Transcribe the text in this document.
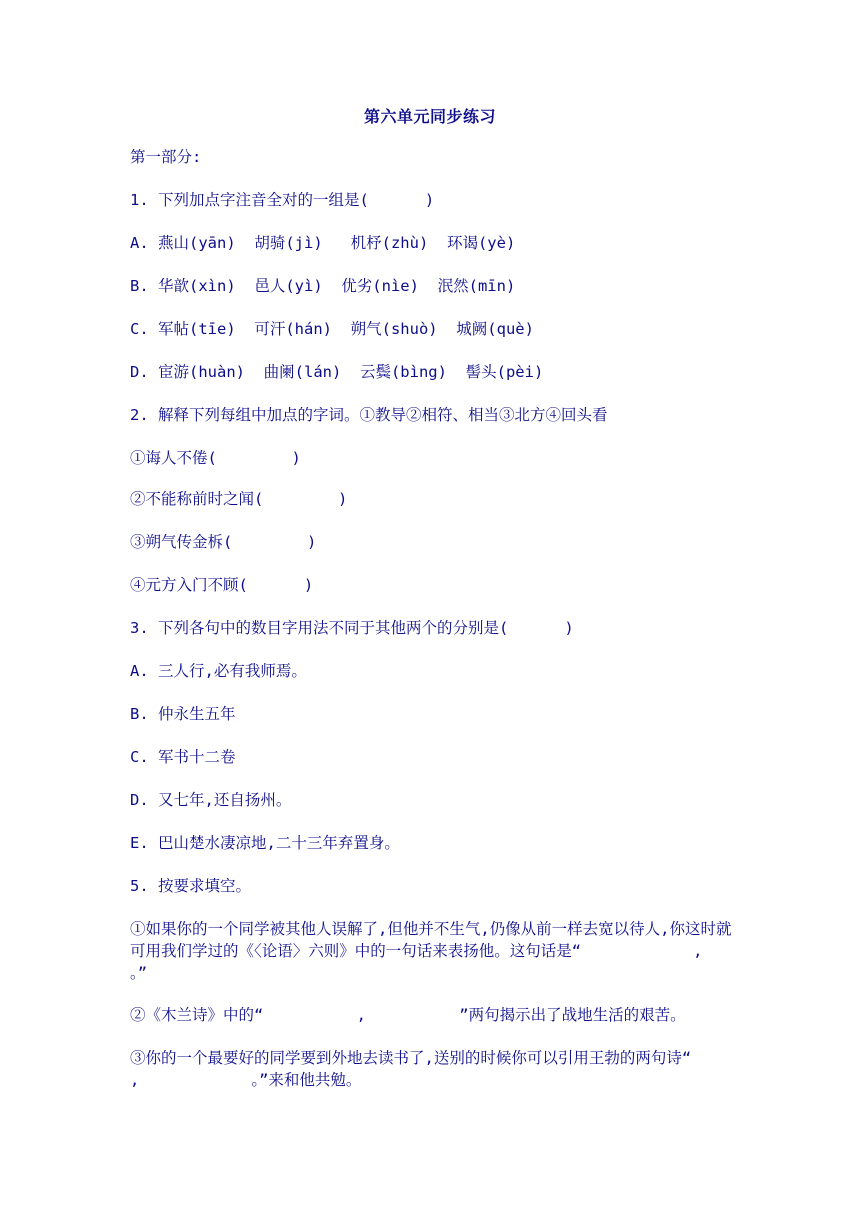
第六单元同步练习
第一部分:
1. 下列加点字注音全对的一组是(      )
A. 燕山(yān)  胡骑(jì)   机杼(zhù)  环谒(yè)
B. 华歆(xìn)  邑人(yì)  优劣(nìe)  泯然(mīn)
C. 军帖(tīe)  可汗(hán)  朔气(shuò)  城阙(què)
D. 宦游(huàn)  曲阑(lán)  云鬓(bìng)  髻头(pèi)
2. 解释下列每组中加点的字词。①教导②相符、相当③北方④回头看
①诲人不倦(        )
②不能称前时之闻(        )
③朔气传金柝(        )
④元方入门不顾(      )
3. 下列各句中的数目字用法不同于其他两个的分别是(      )
A. 三人行,必有我师焉。
B. 仲永生五年
C. 军书十二卷
D. 又七年,还自扬州。
E. 巴山楚水凄凉地,二十三年弃置身。
5. 按要求填空。
①如果你的一个同学被其他人误解了,但他并不生气,仍像从前一样去宽以待人,你这时就可用我们学过的《〈论语〉六则》中的一句话来表扬他。这句话是“            ,            。”
②《木兰诗》中的“          ,          ”两句揭示出了战地生活的艰苦。
③你的一个最要好的同学要到外地去读书了,送别的时候你可以引用王勃的两句诗“            ,            。”来和他共勉。
